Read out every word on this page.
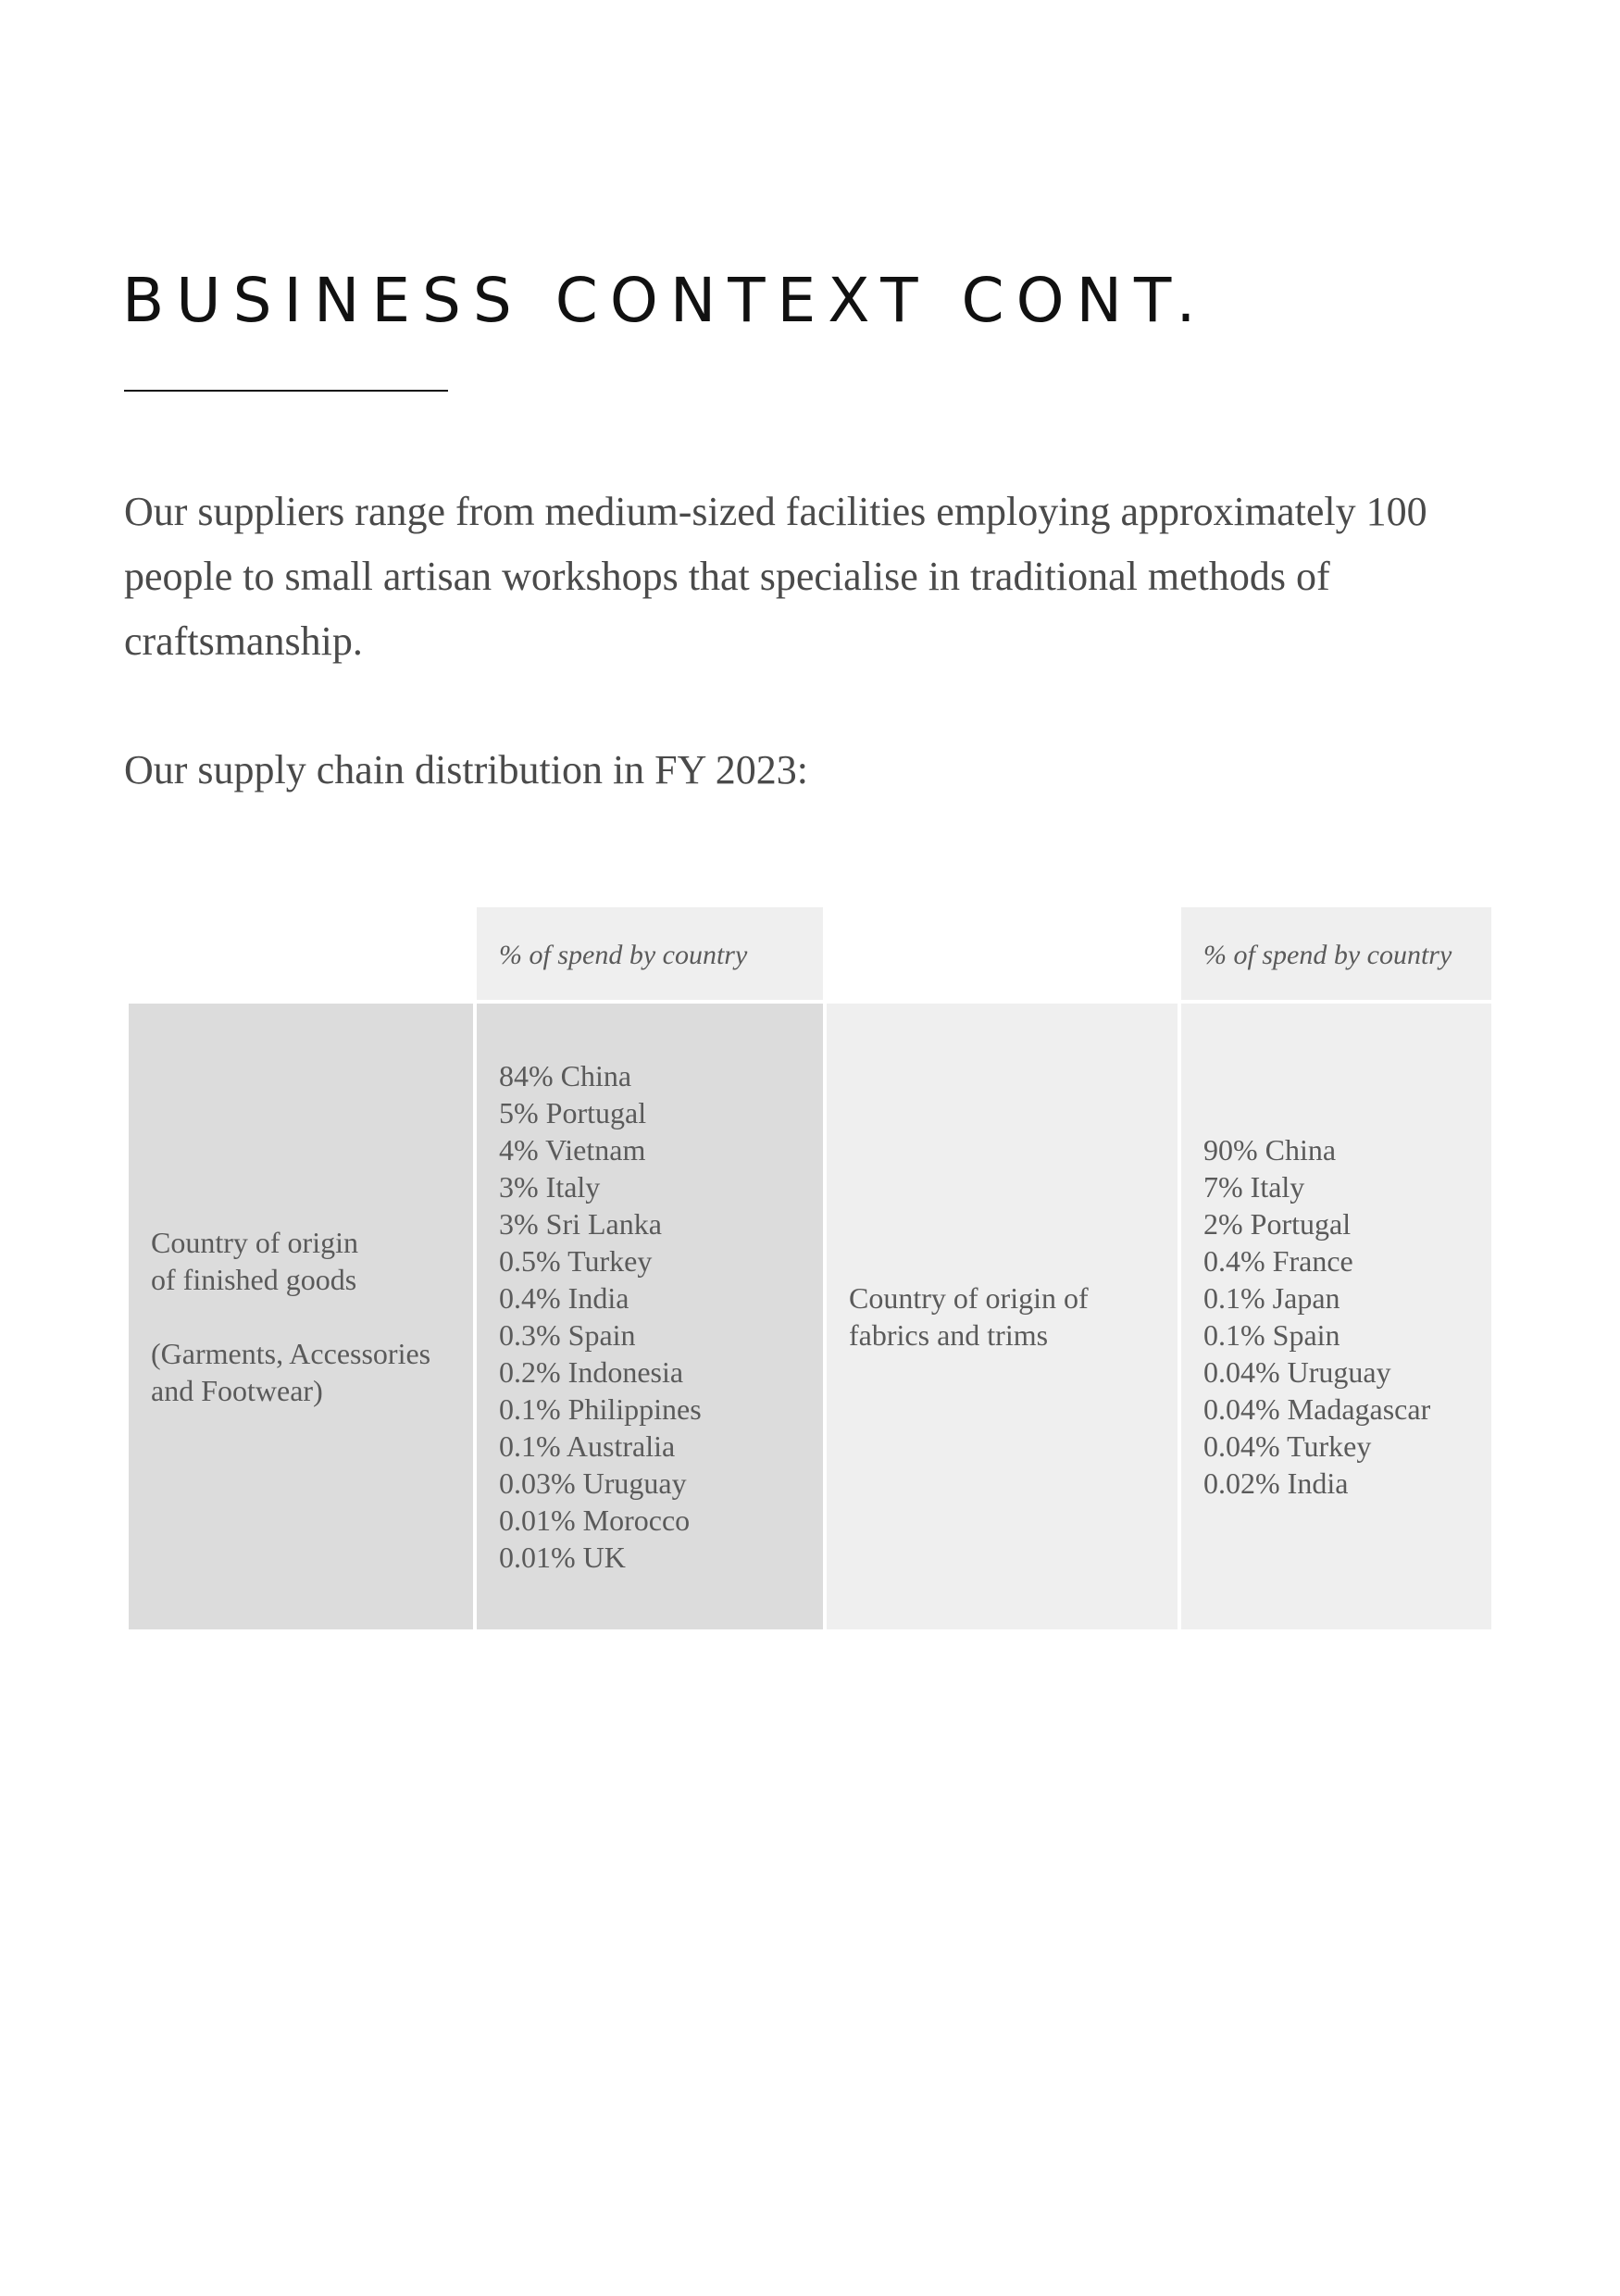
BUSINESS CONTEXT CONT.

Our suppliers range from medium-sized facilities employing approximately 100 people to small artisan workshops that specialise in traditional methods of craftsmanship.

Our supply chain distribution in FY 2023:

% of spend by country	% of spend by country
Country of origin
of finished goods
(Garments, Accessories
and Footwear)
84% China
5% Portugal
4% Vietnam
3% Italy
3% Sri Lanka
0.5% Turkey
0.4% India
0.3% Spain
0.2% Indonesia
0.1% Philippines
0.1% Australia
0.03% Uruguay
0.01% Morocco
0.01% UK
Country of origin of
fabrics and trims
90% China
7% Italy
2% Portugal
0.4% France
0.1% Japan
0.1% Spain
0.04% Uruguay
0.04% Madagascar
0.04% Turkey
0.02% India
